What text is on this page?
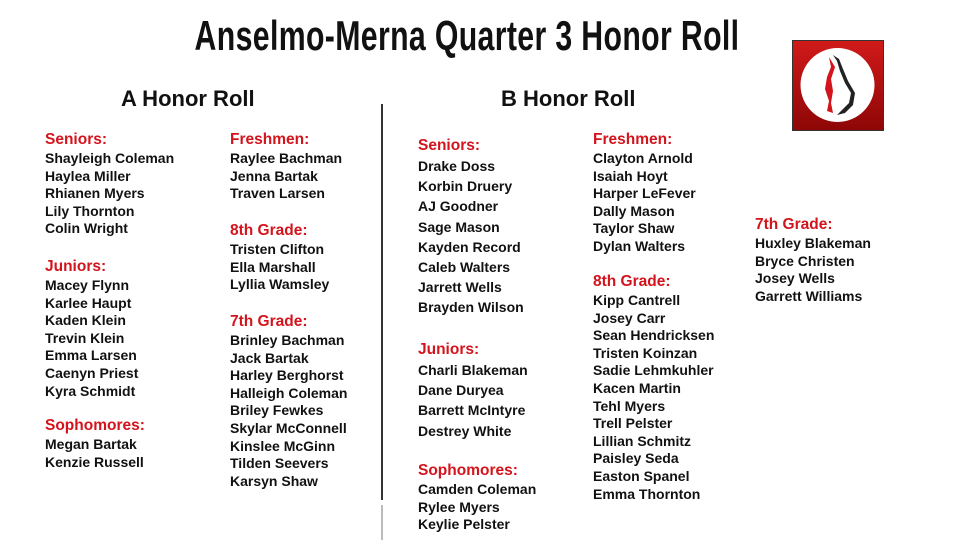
Anselmo-Merna Quarter 3 Honor Roll
A Honor Roll	B Honor Roll
Seniors:
Shayleigh Coleman
Haylea Miller
Rhianen Myers
Lily Thornton
Colin Wright
Juniors:
Macey Flynn
Karlee Haupt
Kaden Klein
Trevin Klein
Emma Larsen
Caenyn Priest
Kyra Schmidt
Sophomores:
Megan Bartak
Kenzie Russell
Freshmen:
Raylee Bachman
Jenna Bartak
Traven Larsen
8th Grade:
Tristen Clifton
Ella Marshall
Lyllia Wamsley
7th Grade:
Brinley Bachman
Jack Bartak
Harley Berghorst
Halleigh Coleman
Briley Fewkes
Skylar McConnell
Kinslee McGinn
Tilden Seevers
Karsyn Shaw
Seniors:
Drake Doss
Korbin Druery
AJ Goodner
Sage Mason
Kayden Record
Caleb Walters
Jarrett Wells
Brayden Wilson
Juniors:
Charli Blakeman
Dane Duryea
Barrett McIntyre
Destrey White
Sophomores:
Camden Coleman
Rylee Myers
Keylie Pelster
Freshmen:
Clayton Arnold
Isaiah Hoyt
Harper LeFever
Dally Mason
Taylor Shaw
Dylan Walters
8th Grade:
Kipp Cantrell
Josey Carr
Sean Hendricksen
Tristen Koinzan
Sadie Lehmkuhler
Kacen Martin
Tehl Myers
Trell Pelster
Lillian Schmitz
Paisley Seda
Easton Spanel
Emma Thornton
7th Grade:
Huxley Blakeman
Bryce Christen
Josey Wells
Garrett Williams
